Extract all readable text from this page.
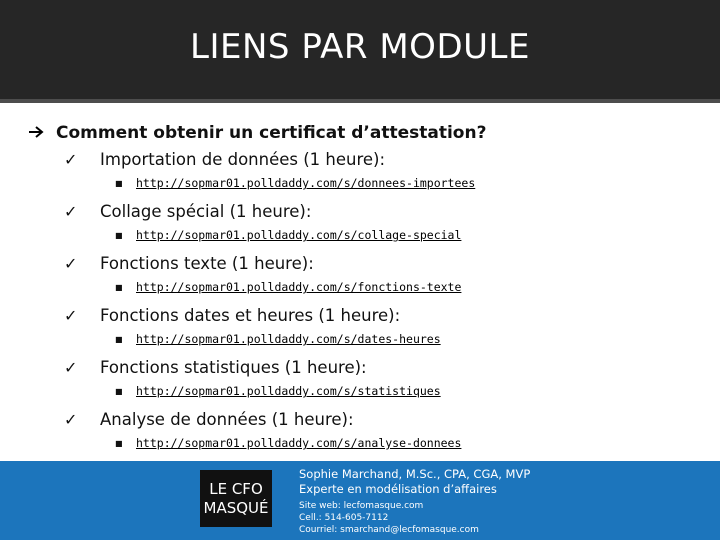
LIENS PAR MODULE
Comment obtenir un certificat d’attestation?
✓ Importation de données (1 heure):
■ http://sopmar01.polldaddy.com/s/donnees-importees
✓ Collage spécial (1 heure):
■ http://sopmar01.polldaddy.com/s/collage-special
✓ Fonctions texte (1 heure):
■ http://sopmar01.polldaddy.com/s/fonctions-texte
✓ Fonctions dates et heures (1 heure):
■ http://sopmar01.polldaddy.com/s/dates-heures
✓ Fonctions statistiques (1 heure):
■ http://sopmar01.polldaddy.com/s/statistiques
✓ Analyse de données (1 heure):
■ http://sopmar01.polldaddy.com/s/analyse-donnees
LE CFO
MASQUÉ
Sophie Marchand, M.Sc., CPA, CGA, MVP
Experte en modélisation d’affaires
Site web: lecfomasque.com
Cell.: 514-605-7112
Courriel: smarchand@lecfomasque.com
